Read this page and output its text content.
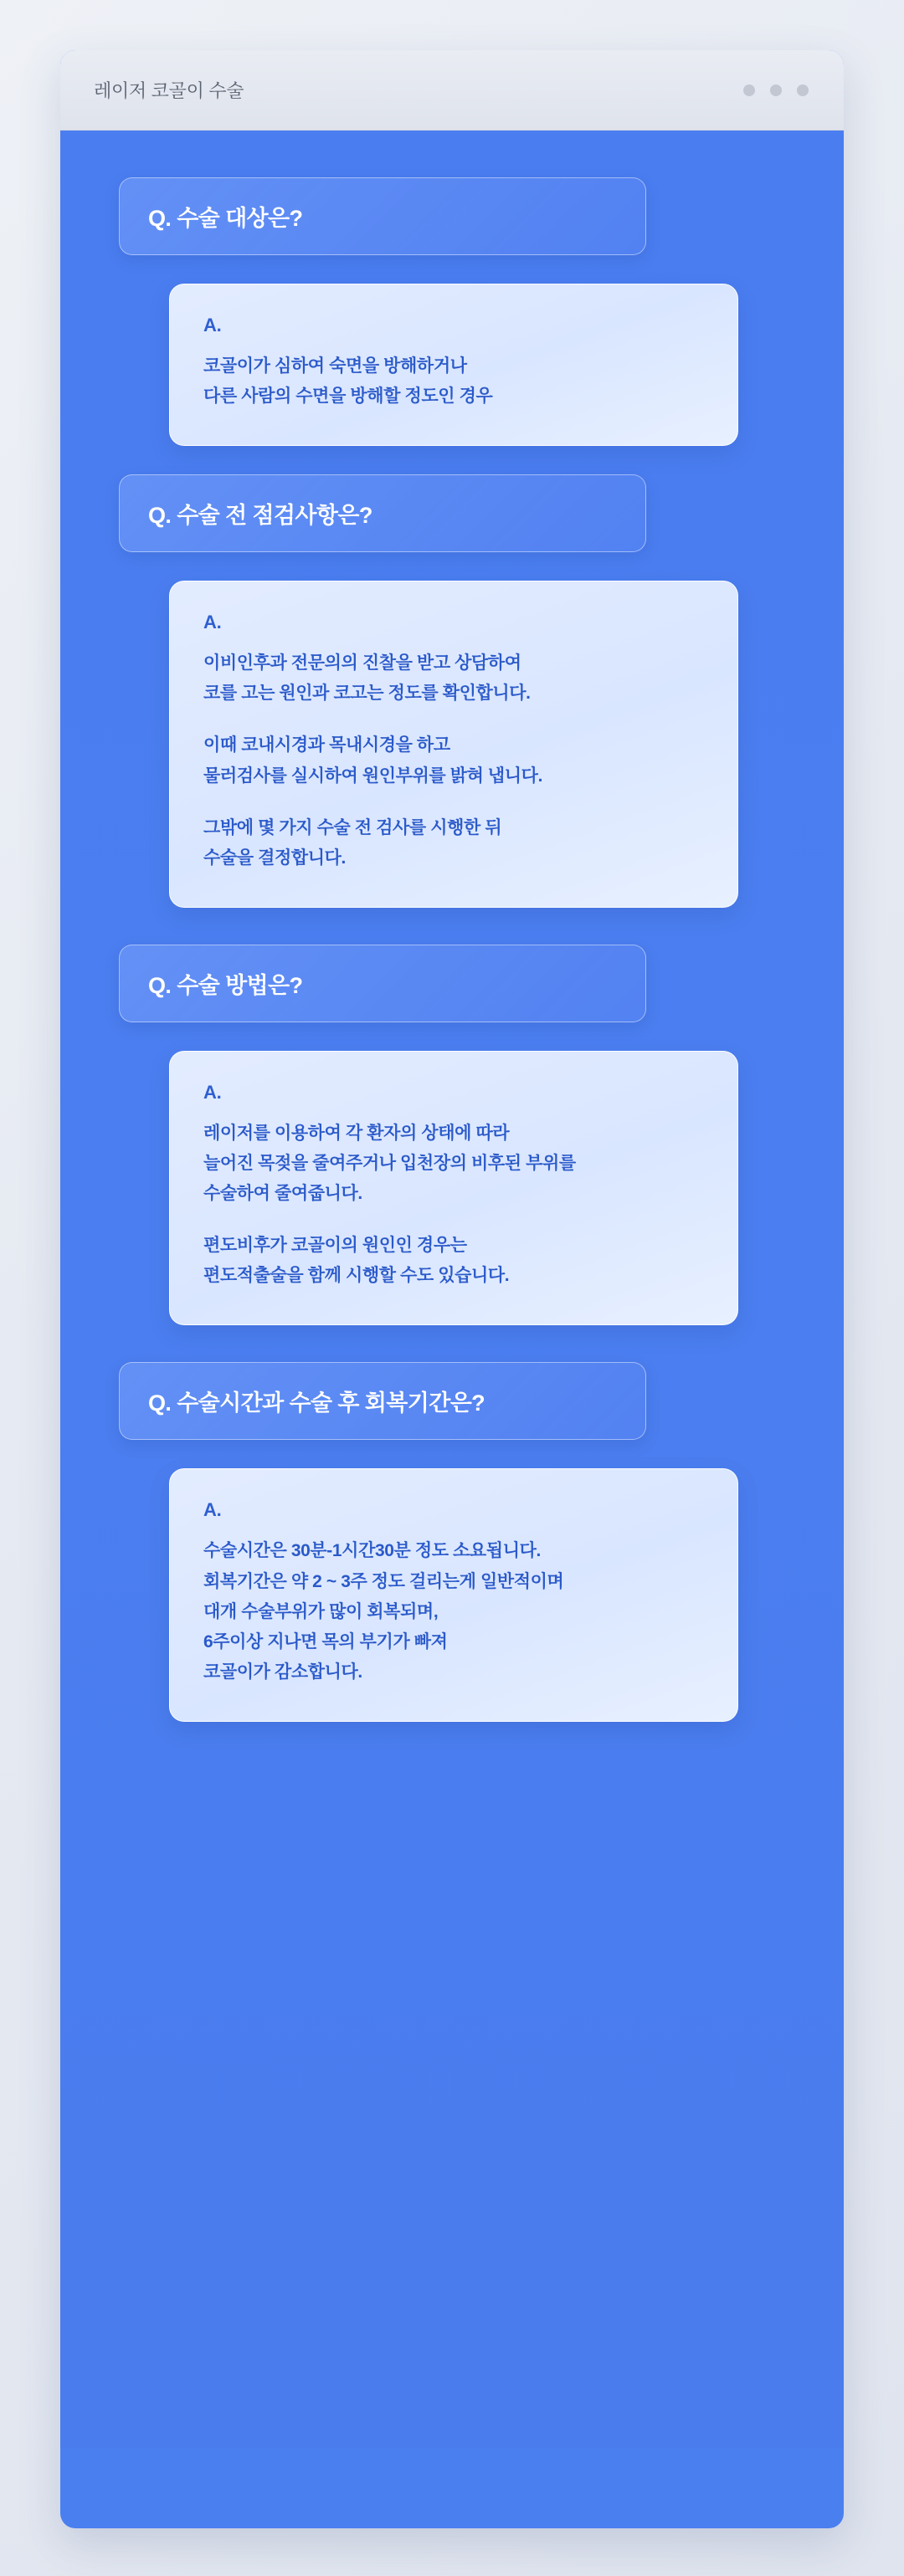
레이저 코골이 수술
Q. 수술 대상은?
A.
코골이가 심하여 숙면을 방해하거나
다른 사람의 수면을 방해할 정도인 경우
Q. 수술 전 점검사항은?
A.
이비인후과 전문의의 진찰을 받고 상담하여
코를 고는 원인과 코고는 정도를 확인합니다.
이때 코내시경과 목내시경을 하고
물러검사를 실시하여 원인부위를 밝혀 냅니다.
그밖에 몇 가지 수술 전 검사를 시행한 뒤
수술을 결정합니다.
Q. 수술 방법은?
A.
레이저를 이용하여 각 환자의 상태에 따라
늘어진 목젖을 줄여주거나 입천장의 비후된 부위를
수술하여 줄여줍니다.
편도비후가 코골이의 원인인 경우는
편도적출술을 함께 시행할 수도 있습니다.
Q. 수술시간과 수술 후 회복기간은?
A.
수술시간은 30분-1시간30분 정도 소요됩니다.
회복기간은 약 2 ~ 3주 정도 걸리는게 일반적이며
대개 수술부위가 많이 회복되며,
6주이상 지나면 목의 부기가 빠져
코골이가 감소합니다.
